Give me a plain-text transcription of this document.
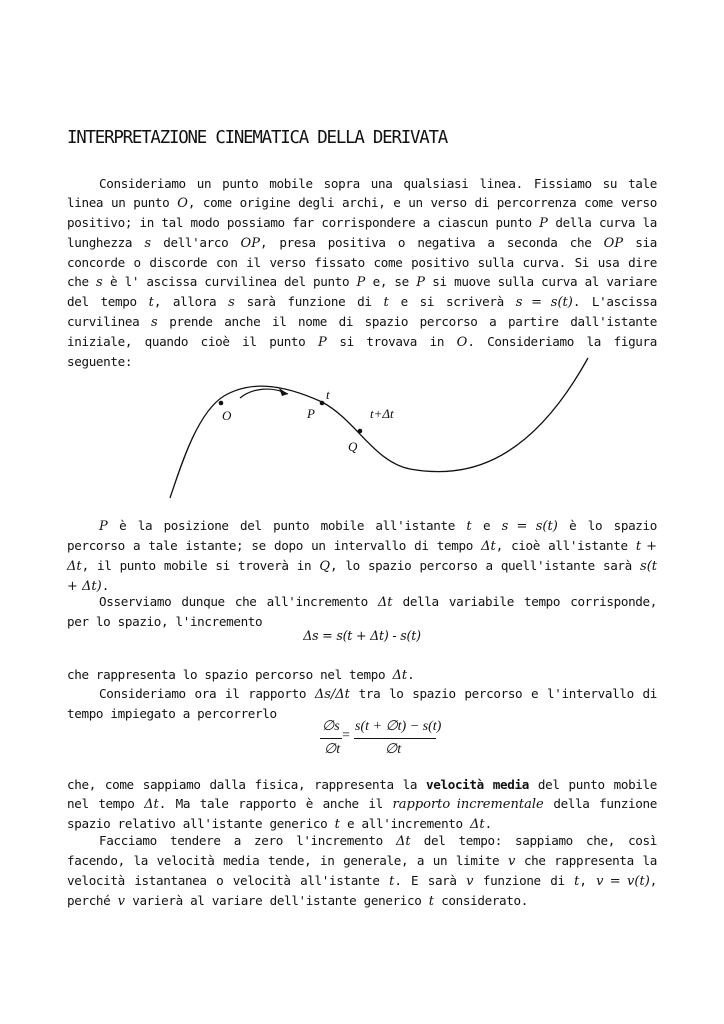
INTERPRETAZIONE CINEMATICA DELLA DERIVATA

Consideriamo un punto mobile sopra una qualsiasi linea. Fissiamo su tale linea un punto O, come origine degli archi, e un verso di percorrenza come verso positivo; in tal modo possiamo far corrispondere a ciascun punto P della curva la lunghezza s dell'arco OP, presa positiva o negativa a seconda che OP sia concorde o discorde con il verso fissato come positivo sulla curva. Si usa dire che s è l' ascissa curvilinea del punto P e, se P si muove sulla curva al variare del tempo t, allora s sarà funzione di t e si scriverà s = s(t). L'ascissa curvilinea s prende anche il nome di spazio percorso a partire dall'istante iniziale, quando cioè il punto P si trovava in O. Consideriamo la figura seguente:

O	P
t
t+Δt
Q

P è la posizione del punto mobile all'istante t e s = s(t) è lo spazio percorso a tale istante; se dopo un intervallo di tempo Δt, cioè all'istante t + Δt, il punto mobile si troverà in Q, lo spazio percorso a quell'istante sarà s(t + Δt).

Osserviamo dunque che all'incremento Δt della variabile tempo corrisponde, per lo spazio, l'incremento

Δs = s(t + Δt) - s(t)

che rappresenta lo spazio percorso nel tempo Δt.

Consideriamo ora il rapporto Δs/Δt tra lo spazio percorso e l'intervallo di tempo impiegato a percorrerlo

∅s
∅t
=
s(t + ∅t) − s(t)
∅t

che, come sappiamo dalla fisica, rappresenta la velocità media del punto mobile nel tempo Δt. Ma tale rapporto è anche il rapporto incrementale della funzione spazio relativo all'istante generico t e all'incremento Δt.

Facciamo tendere a zero l'incremento Δt del tempo: sappiamo che, così facendo, la velocità media tende, in generale, a un limite v che rappresenta la velocità istantanea o velocità all'istante t. E sarà v funzione di t, v = v(t), perché v varierà al variare dell'istante generico t considerato.
